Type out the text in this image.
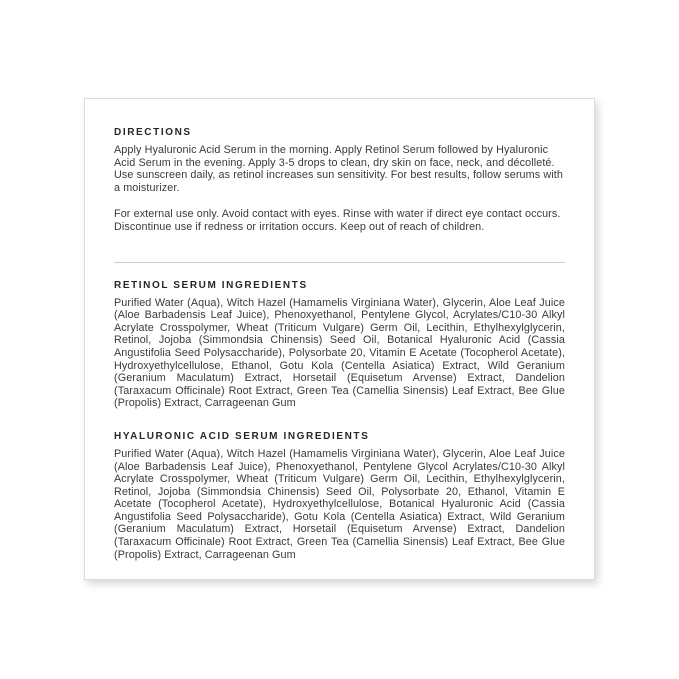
DIRECTIONS

Apply Hyaluronic Acid Serum in the morning. Apply Retinol Serum followed by Hyaluronic Acid Serum in the evening. Apply 3-5 drops to clean, dry skin on face, neck, and décolleté. Use sunscreen daily, as retinol increases sun sensitivity. For best results, follow serums with a moisturizer.

For external use only. Avoid contact with eyes. Rinse with water if direct eye contact occurs. Discontinue use if redness or irritation occurs. Keep out of reach of children.

RETINOL SERUM INGREDIENTS

Purified Water (Aqua), Witch Hazel (Hamamelis Virginiana Water), Glycerin, Aloe Leaf Juice (Aloe Barbadensis Leaf Juice), Phenoxyethanol, Pentylene Glycol, Acrylates/C10-30 Alkyl Acrylate Crosspolymer, Wheat (Triticum Vulgare) Germ Oil, Lecithin, Ethylhexylglycerin, Retinol, Jojoba (Simmondsia Chinensis) Seed Oil, Botanical Hyaluronic Acid (Cassia Angustifolia Seed Polysaccharide), Polysorbate 20, Vitamin E Acetate (Tocopherol Acetate), Hydroxyethylcellulose, Ethanol, Gotu Kola (Centella Asiatica) Extract, Wild Geranium (Geranium Maculatum) Extract, Horsetail (Equisetum Arvense) Extract, Dandelion (Taraxacum Officinale) Root Extract, Green Tea (Camellia Sinensis) Leaf Extract, Bee Glue (Propolis) Extract, Carrageenan Gum

HYALURONIC ACID SERUM INGREDIENTS

Purified Water (Aqua), Witch Hazel (Hamamelis Virginiana Water), Glycerin, Aloe Leaf Juice (Aloe Barbadensis Leaf Juice), Phenoxyethanol, Pentylene Glycol Acrylates/C10-30 Alkyl Acrylate Crosspolymer, Wheat (Triticum Vulgare) Germ Oil, Lecithin, Ethylhexylglycerin, Retinol, Jojoba (Simmondsia Chinensis) Seed Oil, Polysorbate 20, Ethanol, Vitamin E Acetate (Tocopherol Acetate), Hydroxyethylcellulose, Botanical Hyaluronic Acid (Cassia Angustifolia Seed Polysaccharide), Gotu Kola (Centella Asiatica) Extract, Wild Geranium (Geranium Maculatum) Extract, Horsetail (Equisetum Arvense) Extract, Dandelion (Taraxacum Officinale) Root Extract, Green Tea (Camellia Sinensis) Leaf Extract, Bee Glue (Propolis) Extract, Carrageenan Gum
